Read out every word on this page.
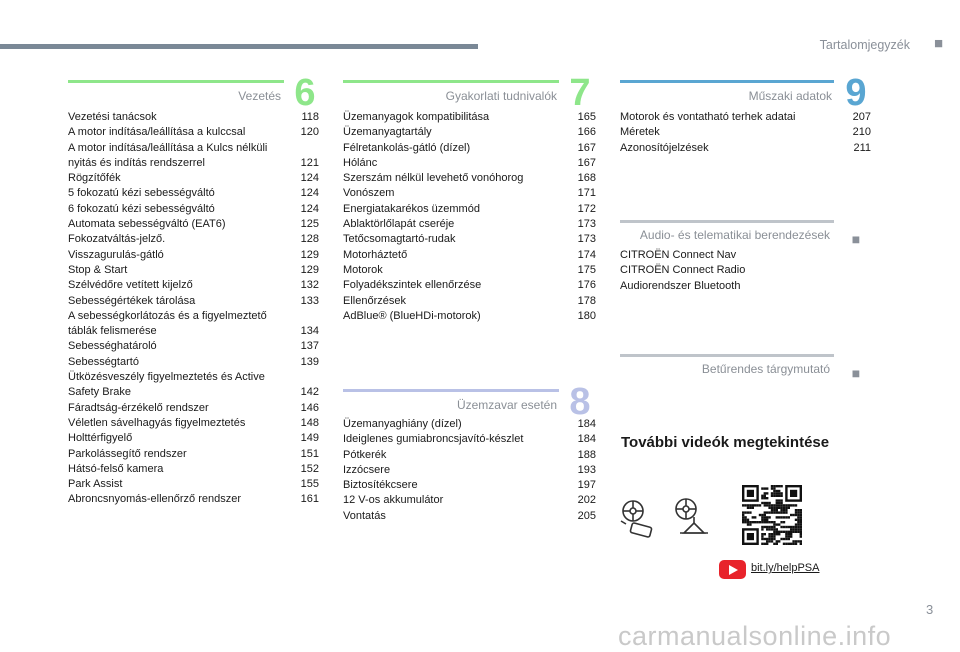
Tartalomjegyzék ■
Vezetés 6
Vezetési tanácsok	118
A motor indítása/leállítása a kulccsal	120
A motor indítása/leállítása a Kulcs nélküli nyitás és indítás rendszerrel	121
Rögzítőfék	124
5 fokozatú kézi sebességváltó	124
6 fokozatú kézi sebességváltó	124
Automata sebességváltó (EAT6)	125
Fokozatváltás-jelző.	128
Visszagurulás-gátló	129
Stop & Start	129
Szélvédőre vetített kijelző	132
Sebességértékek tárolása	133
A sebességkorlátozás és a figyelmeztető táblák felismerése	134
Sebességhatároló	137
Sebességtartó	139
Ütközésveszély figyelmeztetés és Active Safety Brake	142
Fáradtság-érzékelő rendszer	146
Véletlen sávelhagyás figyelmeztetés	148
Holttérfigyelő	149
Parkolássegítő rendszer	151
Hátsó-felső kamera	152
Park Assist	155
Abroncsnyomás-ellenőrző rendszer	161
Gyakorlati tudnivalók 7
Üzemanyagok kompatibilitása	165
Üzemanyagtartály	166
Félretankolás-gátló (dízel)	167
Hólánc	167
Szerszám nélkül levehető vonóhorog	168
Vonószem	171
Energiatakarékos üzemmód	172
Ablaktörlőlapát cseréje	173
Tetőcsomagtartó-rudak	173
Motorháztető	174
Motorok	175
Folyadékszintek ellenőrzése	176
Ellenőrzések	178
AdBlue® (BlueHDi-motorok)	180
Üzemzavar esetén 8
Üzemanyaghiány (dízel)	184
Ideiglenes gumiabroncsjavító-készlet	184
Pótkerék	188
Izzócsere	193
Biztosítékcsere	197
12 V-os akkumulátor	202
Vontatás	205
Műszaki adatok 9
Motorok és vontatható terhek adatai	207
Méretek	210
Azonosítójelzések	211
Audio- és telematikai berendezések ■
CITROËN Connect Nav
CITROËN Connect Radio
Audiorendszer Bluetooth
Betűrendes tárgymutató ■
További videók megtekintése
bit.ly/helpPSA
3
carmanualsonline.info
